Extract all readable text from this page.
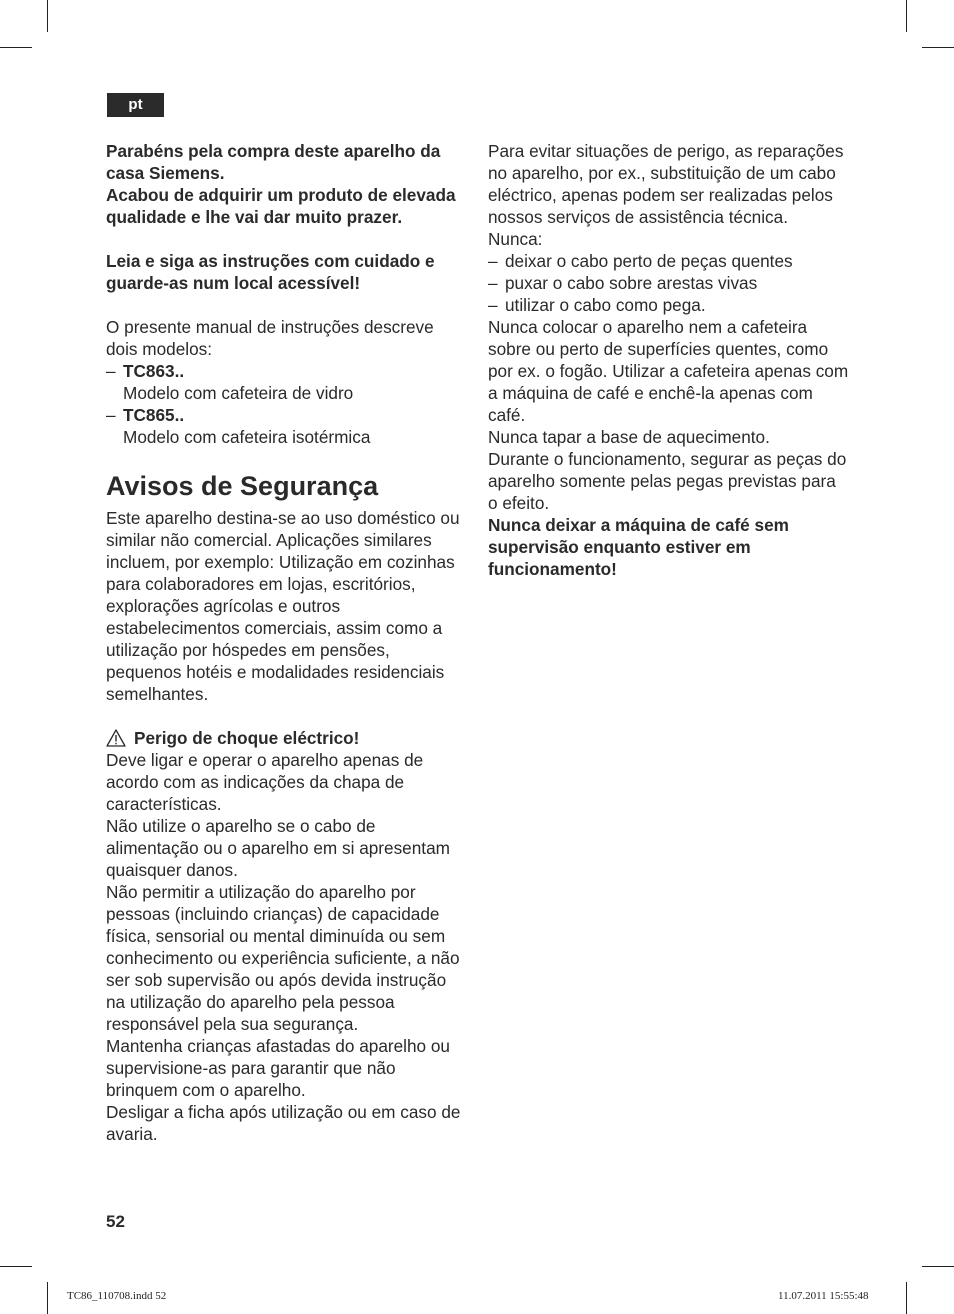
pt

Parabéns pela compra deste aparelho da casa Siemens.

Acabou de adquirir um produto de elevada qualidade e lhe vai dar muito prazer.

Leia e siga as instruções com cuidado e guarde-as num local acessível!

O presente manual de instruções descreve dois modelos:

– TC863..

Modelo com cafeteira de vidro

– TC865..

Modelo com cafeteira isotérmica

Avisos de Segurança

Este aparelho destina-se ao uso doméstico ou similar não comercial. Aplicações similares incluem, por exemplo: Utilização em cozinhas para colaboradores em lojas, escritórios, explorações agrícolas e outros estabelecimentos comerciais, assim como a utilização por hóspedes em pensões, pequenos hotéis e modalidades residenciais semelhantes.

Perigo de choque eléctrico!

Deve ligar e operar o aparelho apenas de acordo com as indicações da chapa de características.

Não utilize o aparelho se o cabo de alimentação ou o aparelho em si apresentam quaisquer danos.

Não permitir a utilização do aparelho por pessoas (incluindo crianças) de capacidade física, sensorial ou mental diminuída ou sem conhecimento ou experiência suficiente, a não ser sob supervisão ou após devida instrução na utilização do aparelho pela pessoa responsável pela sua segurança.

Mantenha crianças afastadas do aparelho ou supervisione-as para garantir que não brinquem com o aparelho.

Desligar a ficha após utilização ou em caso de avaria.

Para evitar situações de perigo, as reparações no aparelho, por ex., substituição de um cabo eléctrico, apenas podem ser realizadas pelos nossos serviços de assistência técnica.

Nunca:

– deixar o cabo perto de peças quentes
– puxar o cabo sobre arestas vivas
– utilizar o cabo como pega.

Nunca colocar o aparelho nem a cafeteira sobre ou perto de superfícies quentes, como por ex. o fogão. Utilizar a cafeteira apenas com a máquina de café e enchê-la apenas com café.

Nunca tapar a base de aquecimento.

Durante o funcionamento, segurar as peças do aparelho somente pelas pegas previstas para o efeito.

Nunca deixar a máquina de café sem supervisão enquanto estiver em funcionamento!

52
TC86_110708.indd 52	11.07.2011 15:55:48
